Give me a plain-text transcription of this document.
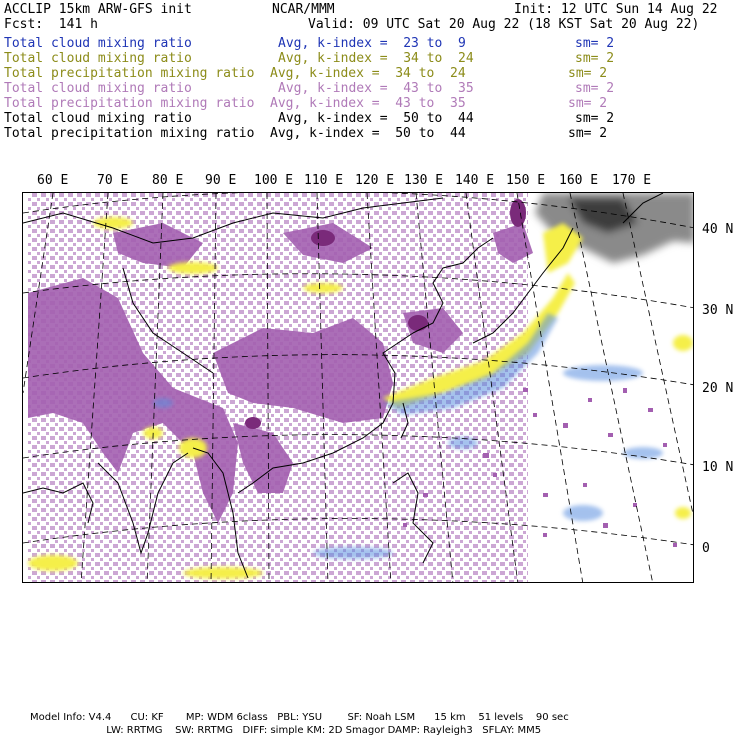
ACCLIP 15km ARW-GFS init	NCAR/MMM	Init: 12 UTC Sun 14 Aug 22
Fcst:  141 h	Valid: 09 UTC Sat 20 Aug 22 (18 KST Sat 20 Aug 22)
Total cloud mixing ratio	Avg, k-index =  23 to  9	sm= 2
Total cloud mixing ratio	Avg, k-index =  34 to  24	sm= 2
Total precipitation mixing ratio Avg, k-index =  34 to  24	sm= 2
Total cloud mixing ratio	Avg, k-index =  43 to  35	sm= 2
Total precipitation mixing ratio Avg, k-index =  43 to  35	sm= 2
Total cloud mixing ratio	Avg, k-index =  50 to  44	sm= 2
Total precipitation mixing ratio Avg, k-index =  50 to  44	sm= 2
60 E 70 E 80 E 90 E 100 E 110 E 120 E 130 E 140 E 150 E 160 E 170 E
40 N
30 N
20 N
10 N
0
Model Info: V4.4      CU: KF       MP: WDM 6class   PBL: YSU        SF: Noah LSM      15 km    51 levels    90 sec
LW: RRTMG    SW: RRTMG   DIFF: simple KM: 2D Smagor DAMP: Rayleigh3   SFLAY: MM5
